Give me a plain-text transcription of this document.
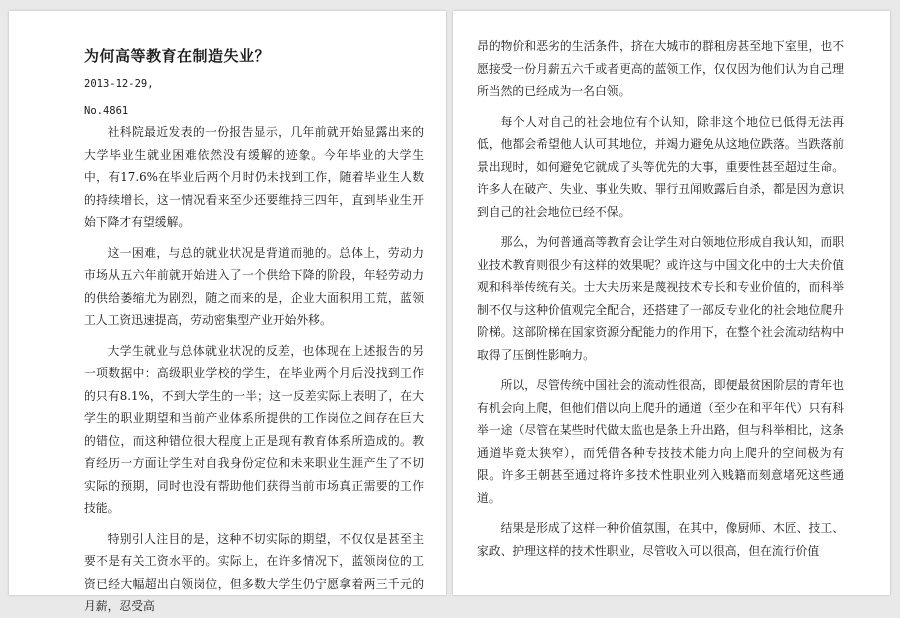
为何高等教育在制造失业？
2013-12-29,
No.4861

社科院最近发表的一份报告显示，几年前就开始显露出来的大学毕业生就业困难依然没有缓解的迹象。今年毕业的大学生中，有17.6%在毕业后两个月时仍未找到工作，随着毕业生人数的持续增长，这一情况看来至少还要维持三四年，直到毕业生开始下降才有望缓解。

这一困难，与总的就业状况是背道而驰的。总体上，劳动力市场从五六年前就开始进入了一个供给下降的阶段，年轻劳动力的供给萎缩尤为剧烈，随之而来的是，企业大面积用工荒，蓝领工人工资迅速提高，劳动密集型产业开始外移。

大学生就业与总体就业状况的反差，也体现在上述报告的另一项数据中：高级职业学校的学生，在毕业两个月后没找到工作的只有8.1%，不到大学生的一半；这一反差实际上表明了，在大学生的职业期望和当前产业体系所提供的工作岗位之间存在巨大的错位，而这种错位很大程度上正是现有教育体系所造成的。教育经历一方面让学生对自我身份定位和未来职业生涯产生了不切实际的预期，同时也没有帮助他们获得当前市场真正需要的工作技能。

特别引人注目的是，这种不切实际的期望，不仅仅是甚至主要不是有关工资水平的。实际上，在许多情况下，蓝领岗位的工资已经大幅超出白领岗位，但多数大学生仍宁愿拿着两三千元的月薪，忍受高

昂的物价和恶劣的生活条件，挤在大城市的群租房甚至地下室里，也不愿接受一份月薪五六千或者更高的蓝领工作，仅仅因为他们认为自己理所当然的已经成为一名白领。

每个人对自己的社会地位有个认知，除非这个地位已低得无法再低，他都会希望他人认可其地位，并竭力避免从这地位跌落。当跌落前景出现时，如何避免它就成了头等优先的大事，重要性甚至超过生命。许多人在破产、失业、事业失败、罪行丑闻败露后自杀，都是因为意识到自己的社会地位已经不保。

那么，为何普通高等教育会让学生对白领地位形成自我认知，而职业技术教育则很少有这样的效果呢？或许这与中国文化中的士大夫价值观和科举传统有关。士大夫历来是蔑视技术专长和专业价值的，而科举制不仅与这种价值观完全配合，还搭建了一部反专业化的社会地位爬升阶梯。这部阶梯在国家资源分配能力的作用下，在整个社会流动结构中取得了压倒性影响力。

所以，尽管传统中国社会的流动性很高，即便最贫困阶层的青年也有机会向上爬，但他们借以向上爬升的通道（至少在和平年代）只有科举一途（尽管在某些时代做太监也是条上升出路，但与科举相比，这条通道毕竟太狭窄），而凭借各种专技技术能力向上爬升的空间极为有限。许多王朝甚至通过将许多技术性职业列入贱籍而刻意堵死这些通道。

结果是形成了这样一种价值氛围，在其中，像厨师、木匠、技工、家政、护理这样的技术性职业，尽管收入可以很高，但在流行价值
